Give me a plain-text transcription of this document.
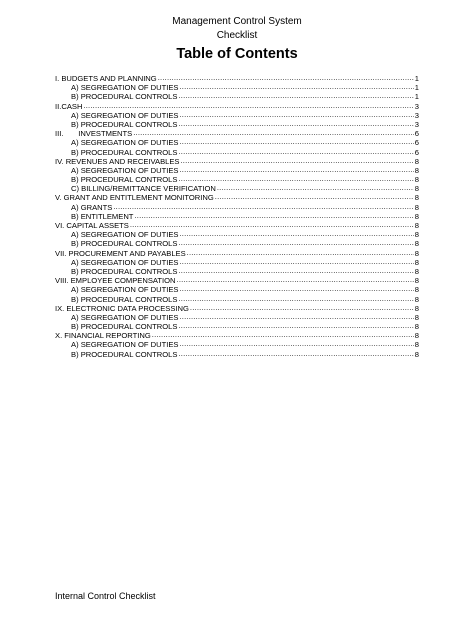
Management Control System
Checklist
Table of Contents
I. BUDGETS AND PLANNING .....	1
A) SEGREGATION OF DUTIES .....	1
B) PROCEDURAL CONTROLS .....	1
II.CASH .....	3
A) SEGREGATION OF DUTIES .....	3
B) PROCEDURAL CONTROLS .....	3
III.       INVESTMENTS .....	6
A) SEGREGATION OF DUTIES .....	6
B) PROCEDURAL CONTROLS .....	6
IV. REVENUES AND RECEIVABLES .....	8
A) SEGREGATION OF DUTIES .....	8
B) PROCEDURAL CONTROLS .....	8
C) BILLING/REMITTANCE VERIFICATION .....	8
V. GRANT AND ENTITLEMENT MONITORING .....	8
A) GRANTS .....	8
B) ENTITLEMENT .....	8
VI. CAPITAL ASSETS .....	8
A) SEGREGATION OF DUTIES .....	8
B) PROCEDURAL CONTROLS .....	8
VII. PROCUREMENT AND PAYABLES .....	8
A) SEGREGATION OF DUTIES .....	8
B) PROCEDURAL CONTROLS .....	8
VIII. EMPLOYEE COMPENSATION .....	8
A) SEGREGATION OF DUTIES .....	8
B) PROCEDURAL CONTROLS .....	8
IX. ELECTRONIC DATA PROCESSING .....	8
A) SEGREGATION OF DUTIES .....	8
B) PROCEDURAL CONTROLS .....	8
X. FINANCIAL REPORTING .....	8
A) SEGREGATION OF DUTIES .....	8
B) PROCEDURAL CONTROLS .....	8
Internal Control Checklist
